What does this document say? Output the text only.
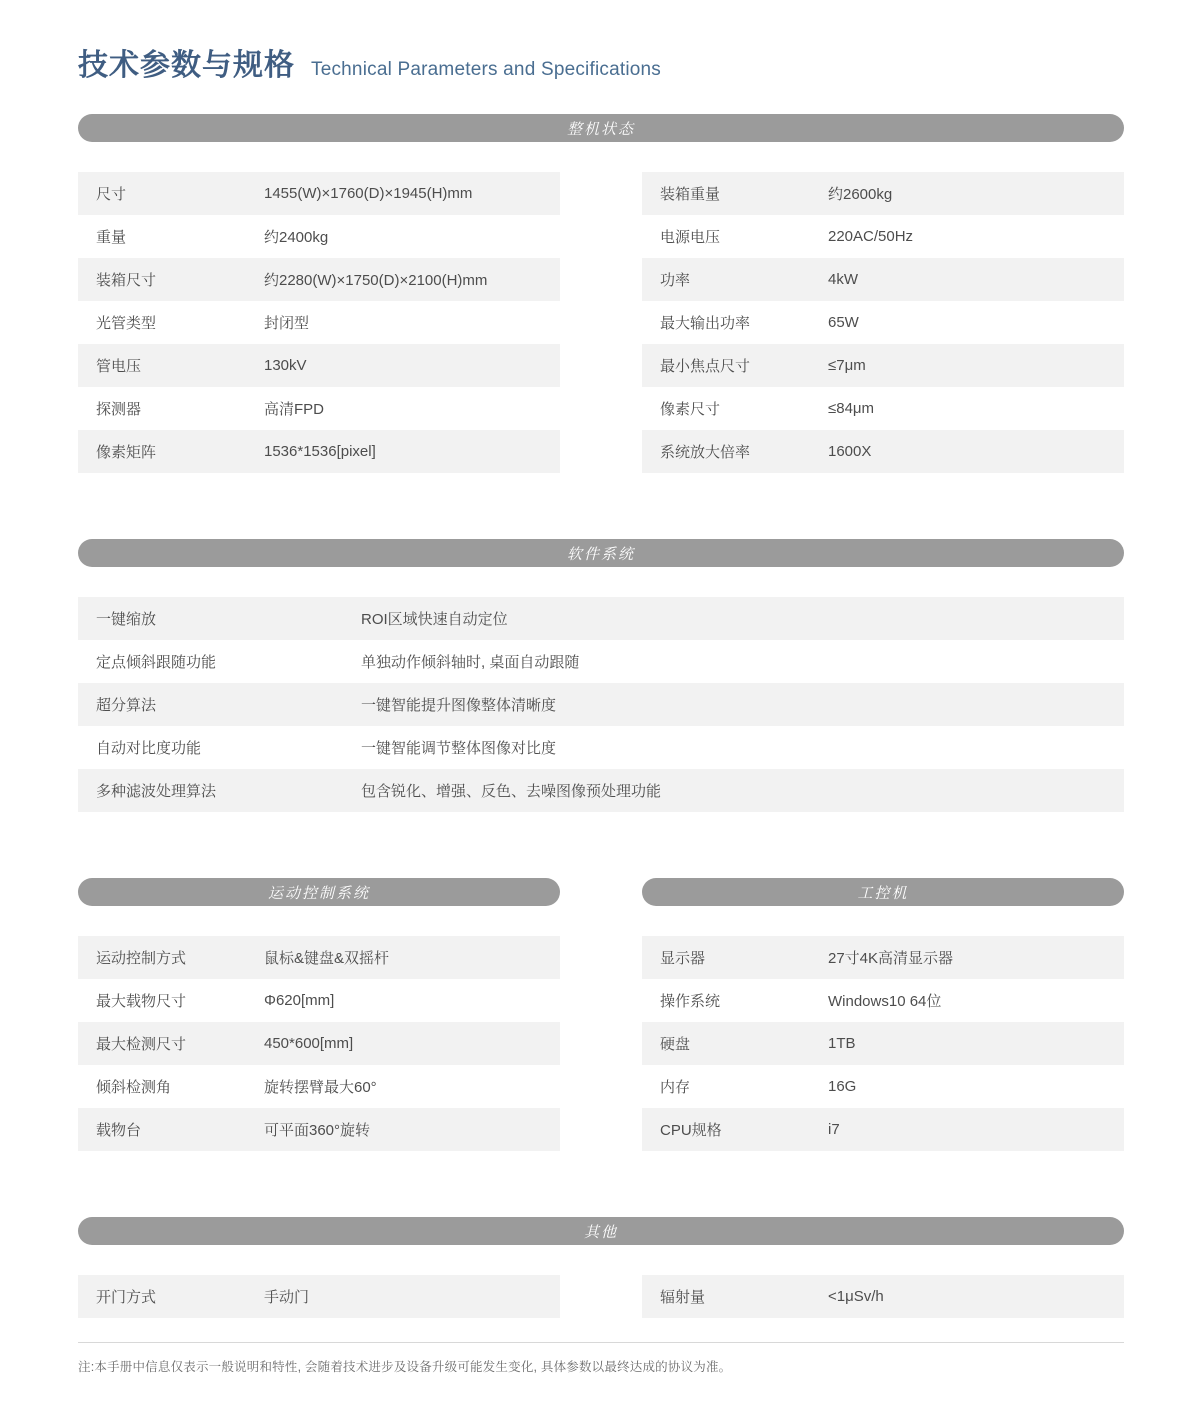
技术参数与规格 Technical Parameters and Specifications
整机状态
尺寸	1455(W)×1760(D)×1945(H)mm
重量	约2400kg
装箱尺寸	约2280(W)×1750(D)×2100(H)mm
光管类型	封闭型
管电压	130kV
探测器	高清FPD
像素矩阵	1536*1536[pixel]
装箱重量	约2600kg
电源电压	220AC/50Hz
功率	4kW
最大输出功率	65W
最小焦点尺寸	≤7μm
像素尺寸	≤84μm
系统放大倍率	1600X
软件系统
一键缩放	ROI区域快速自动定位
定点倾斜跟随功能	单独动作倾斜轴时, 桌面自动跟随
超分算法	一键智能提升图像整体清晰度
自动对比度功能	一键智能调节整体图像对比度
多种滤波处理算法	包含锐化、增强、反色、去噪图像预处理功能
运动控制系统	工控机
运动控制方式	鼠标&键盘&双摇杆
最大载物尺寸	Φ620[mm]
最大检测尺寸	450*600[mm]
倾斜检测角	旋转摆臂最大60°
载物台	可平面360°旋转
显示器	27寸4K高清显示器
操作系统	Windows10 64位
硬盘	1TB
内存	16G
CPU规格	i7
其他
开门方式	手动门	辐射量	<1μSv/h
注:本手册中信息仅表示一般说明和特性, 会随着技术进步及设备升级可能发生变化, 具体参数以最终达成的协议为准。
